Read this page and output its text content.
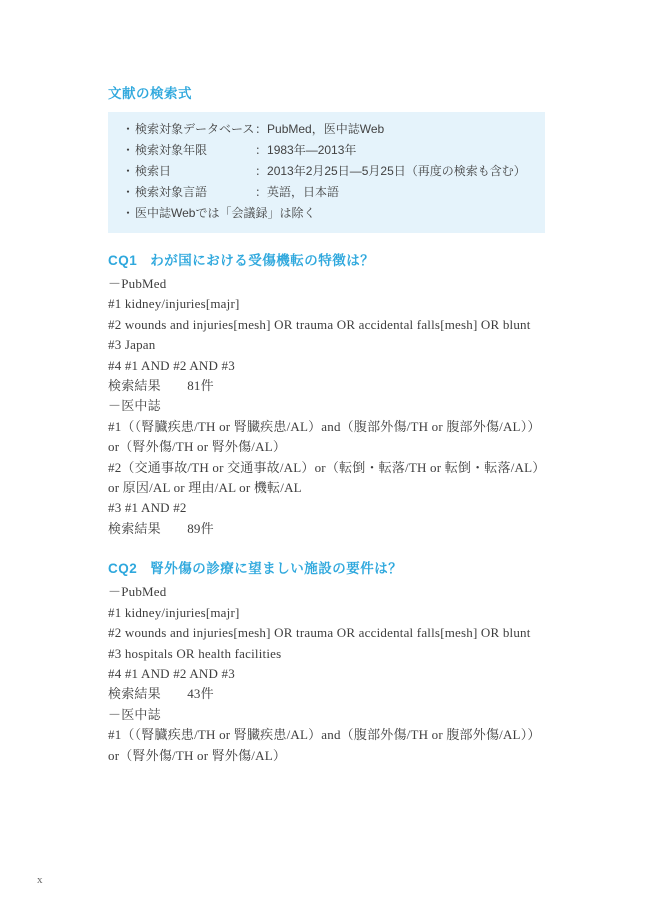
文献の検索式
・ 検索対象データベース ： PubMed，医中誌Web
・ 検索対象年限	： 1983年―2013年
・ 検索日	： 2013年2月25日―5月25日（再度の検索も含む）
・ 検索対象言語	： 英語，日本語
・ 医中誌Webでは「会議録」は除く
CQ1 わが国における受傷機転の特徴は？
－PubMed
#1 kidney/injuries[majr]
#2 wounds and injuries[mesh] OR trauma OR accidental falls[mesh] OR blunt
#3 Japan
#4 #1 AND #2 AND #3
検索結果　　81件
－医中誌
#1（（腎臓疾患/TH or 腎臓疾患/AL）and（腹部外傷/TH or 腹部外傷/AL））
or（腎外傷/TH or 腎外傷/AL）
#2（交通事故/TH or 交通事故/AL）or（転倒・転落/TH or 転倒・転落/AL）
or 原因/AL or 理由/AL or 機転/AL
#3 #1 AND #2
検索結果　　89件
CQ2 腎外傷の診療に望ましい施設の要件は？
－PubMed
#1 kidney/injuries[majr]
#2 wounds and injuries[mesh] OR trauma OR accidental falls[mesh] OR blunt
#3 hospitals OR health facilities
#4 #1 AND #2 AND #3
検索結果　　43件
－医中誌
#1（（腎臓疾患/TH or 腎臓疾患/AL）and（腹部外傷/TH or 腹部外傷/AL））
or（腎外傷/TH or 腎外傷/AL）
x
